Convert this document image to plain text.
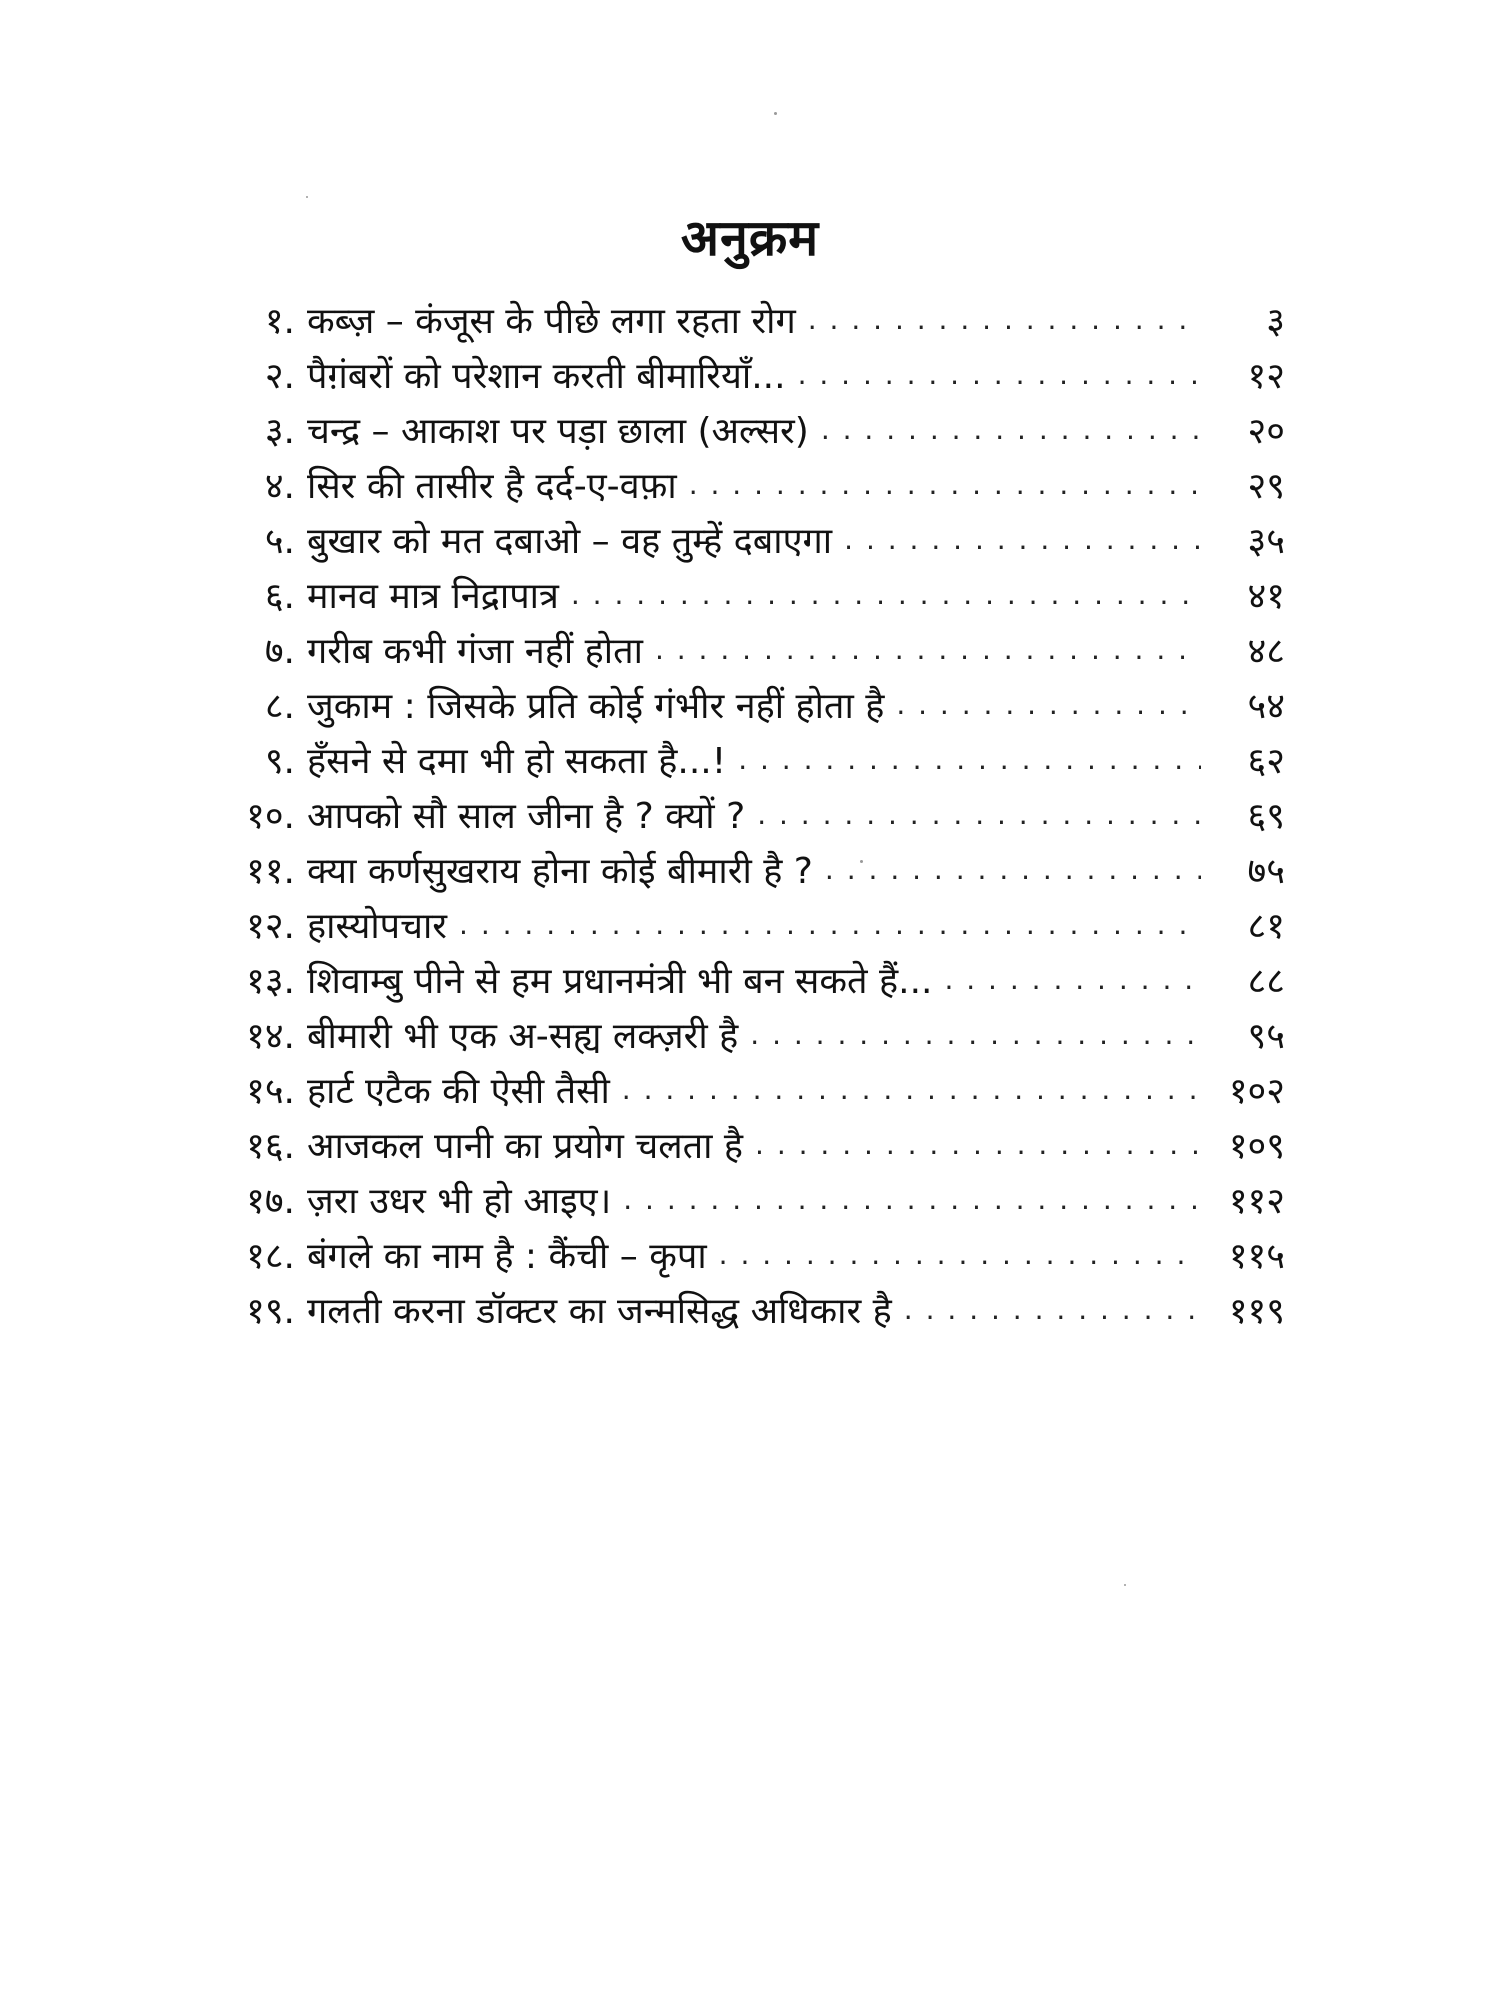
अनुक्रम
१. कब्ज़ – कंजूस के पीछे लगा रहता रोग . . .	३
२. पैग़ंबरों को परेशान करती बीमारियाँ... . . .	१२
३. चन्द्र – आकाश पर पड़ा छाला (अल्सर) . . .	२०
४. सिर की तासीर है दर्द-ए-वफ़ा . . .	२९
५. बुखार को मत दबाओ – वह तुम्हें दबाएगा . . .	३५
६. मानव मात्र निद्रापात्र . . .	४१
७. गरीब कभी गंजा नहीं होता . . .	४८
८. जुकाम : जिसके प्रति कोई गंभीर नहीं होता है . . .	५४
९. हँसने से दमा भी हो सकता है...! . . .	६२
१०. आपको सौ साल जीना है ? क्यों ? . . .	६९
११. क्या कर्णसुखराय होना कोई बीमारी है ? . . .	७५
१२. हास्योपचार . . .	८१
१३. शिवाम्बु पीने से हम प्रधानमंत्री भी बन सकते हैं... . . .	८८
१४. बीमारी भी एक अ-सह्य लक्ज़री है . . .	९५
१५. हार्ट एटैक की ऐसी तैसी . . .	१०२
१६. आजकल पानी का प्रयोग चलता है . . .	१०९
१७. ज़रा उधर भी हो आइए। . . .	११२
१८. बंगले का नाम है : कैंची – कृपा . . .	११५
१९. गलती करना डॉक्टर का जन्मसिद्ध अधिकार है . . .	११९
